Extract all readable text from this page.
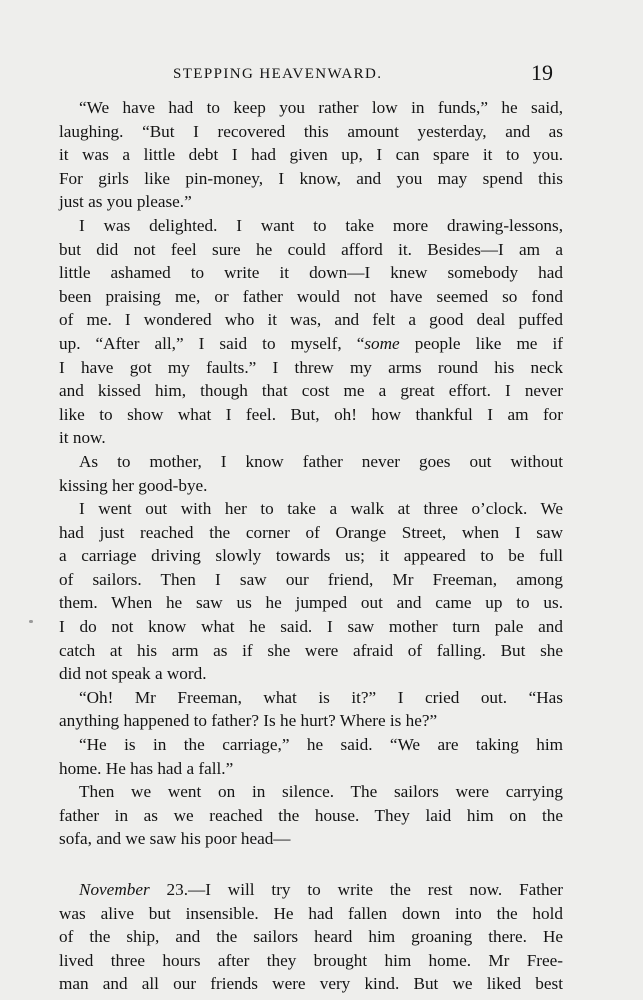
STEPPING HEAVENWARD.	19
“We have had to keep you rather low in funds,” he said,
laughing. “But I recovered this amount yesterday, and as
it was a little debt I had given up, I can spare it to you.
For girls like pin-money, I know, and you may spend this
just as you please.”
I was delighted. I want to take more drawing-lessons,
but did not feel sure he could afford it. Besides—I am a
little ashamed to write it down—I knew somebody had
been praising me, or father would not have seemed so fond
of me. I wondered who it was, and felt a good deal puffed
up. “After all,” I said to myself, “some people like me if
I have got my faults.” I threw my arms round his neck
and kissed him, though that cost me a great effort. I never
like to show what I feel. But, oh! how thankful I am for
it now.
As to mother, I know father never goes out without
kissing her good-bye.
I went out with her to take a walk at three o’clock. We
had just reached the corner of Orange Street, when I saw
a carriage driving slowly towards us; it appeared to be full
of sailors. Then I saw our friend, Mr Freeman, among
them. When he saw us he jumped out and came up to us.
I do not know what he said. I saw mother turn pale and
catch at his arm as if she were afraid of falling. But she
did not speak a word.
“Oh! Mr Freeman, what is it?” I cried out. “Has
anything happened to father? Is he hurt? Where is he?”
“He is in the carriage,” he said. “We are taking him
home. He has had a fall.”
Then we went on in silence. The sailors were carrying
father in as we reached the house. They laid him on the
sofa, and we saw his poor head—
November 23.—I will try to write the rest now. Father
was alive but insensible. He had fallen down into the hold
of the ship, and the sailors heard him groaning there. He
lived three hours after they brought him home. Mr Free-
man and all our friends were very kind. But we liked best
